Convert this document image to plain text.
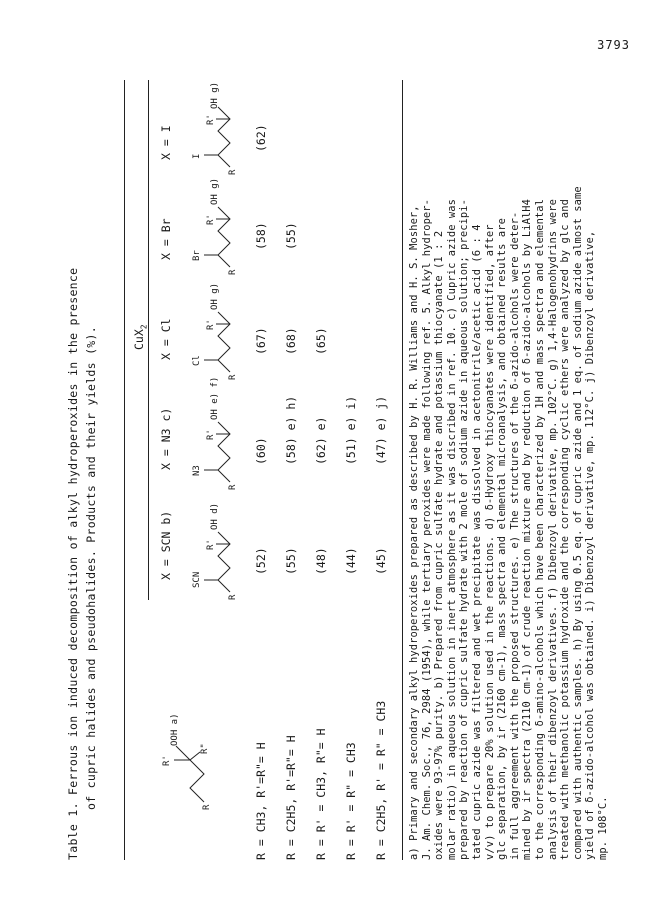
3793
Table 1. Ferrous ion induced decomposition of alkyl hydroperoxides in the presence of cupric halides and pseudohalides. Products and their yields (%).	R
R'
R"
OOH a)
CuX$_2$
X = SCN b)
X = N3 c)
X = Cl
X = Br
X = I
SCN
R
R'
OH d)
N3
R
R'
OH e) f)
Cl
R
R'
OH g)
Br
R
R'
OH g)
I
R
R'
OH g)
R = CH3, R'=R"= H
(52)
(60)
(67)
(58)
(62)
R = C2H5, R'=R"= H
(55)
(58) e) h)
(68)
(55)
R = R' = CH3, R"= H
(48)
(62) e)
(65)
R = R' = R" = CH3
(44)
(51) e) i)
R = C2H5, R' = R" = CH3
(45)
(47) e) j) a) Primary and secondary alkyl hydroperoxides prepared as described by H. R. Williams and H. S. Mosher, J. Am. Chem. Soc., 76, 2984 (1954), while tertiary peroxides were made following ref. 5. Alkyl hydroper- oxides were 93-97% purity. b) Prepared from cupric sulfate hydrate and potassium thiocyanate (1 : 2 molar ratio) in aqueous solution in inert atmosphere as it was discribed in ref. 10. c) Cupric azide was prepared by reaction of cupric sulfate hydrate with 2 mole of sodium azide in aqueous solution; precipi- tated cupric azide was filtered and wet precipitate was dissolved in acetonitrile/acetic acid (6 : 4 v/v) to prepare 20% solution used in the reactions. d) δ-Hydroxy thiocyanates were identified, after glc separation, by ir (2160 cm-1), mass spectra and elemental microanalysis, and obtained results are in full aggreement with the proposed structures. e) The structures of the δ-azido-alcohols were deter- mined by ir spectra (2110 cm-1) of crude reaction mixture and by reduction of δ-azido-alcohols by LiAlH4 to the corresponding δ-amino-alcohols which have been characterized by 1H and mass spectra and elemental analysis of their dibenzoyl derivatives. f) Dibenzoyl derivative, mp. 102°C. g) 1,4-Halogenohydrins were treated with methanolic potassium hydroxide and the corresponding cyclic ethers were analyzed by glc and compared with authentic samples. h) By using 0.5 eq. of cupric azide and 1 eq. of sodium azide almost same yield of δ-azido-alcohol was obtained. i) Dibenzoyl derivative, mp. 112°C. j) Dibenzoyl derivative, mp. 108°C.
